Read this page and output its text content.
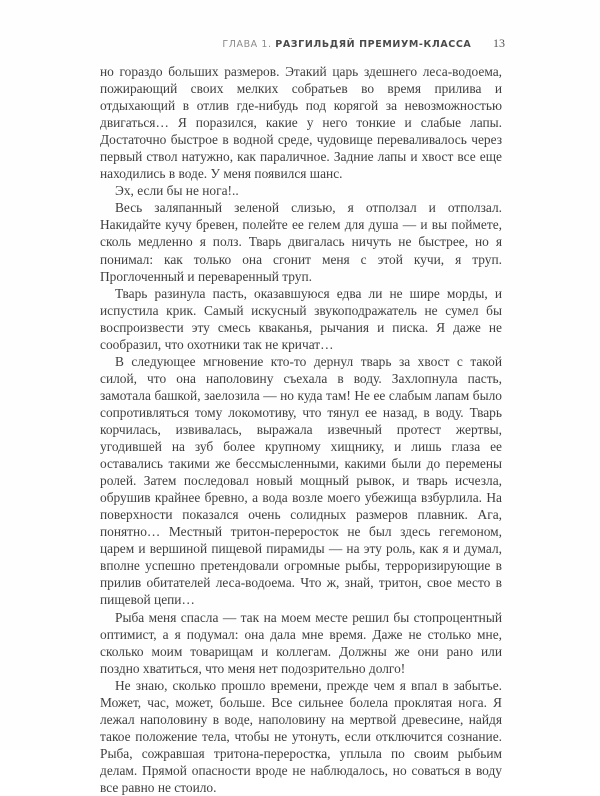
ГЛАВА 1. РАЗГИЛЬДЯЙ ПРЕМИУМ-КЛАССА 13

но гораздо больших размеров. Этакий царь здешнего леса-водоема, пожирающий своих мелких собратьев во время прилива и отдыхающий в отлив где-нибудь под корягой за невозможностью двигаться… Я поразился, какие у него тонкие и слабые лапы. Достаточно быстрое в водной среде, чудовище переваливалось через первый ствол натужно, как параличное. Задние лапы и хвост все еще находились в воде. У меня появился шанс.

Эх, если бы не нога!..

Весь заляпанный зеленой слизью, я отползал и отползал. Накидайте кучу бревен, полейте ее гелем для душа — и вы поймете, сколь медленно я полз. Тварь двигалась ничуть не быстрее, но я понимал: как только она сгонит меня с этой кучи, я труп. Проглоченный и переваренный труп.

Тварь разинула пасть, оказавшуюся едва ли не шире морды, и испустила крик. Самый искусный звукоподражатель не сумел бы воспроизвести эту смесь кваканья, рычания и писка. Я даже не сообразил, что охотники так не кричат…

В следующее мгновение кто-то дернул тварь за хвост с такой силой, что она наполовину съехала в воду. Захлопнула пасть, замотала башкой, заелозила — но куда там! Не ее слабым лапам было сопротивляться тому локомотиву, что тянул ее назад, в воду. Тварь корчилась, извивалась, выражала извечный протест жертвы, угодившей на зуб более крупному хищнику, и лишь глаза ее оставались такими же бессмысленными, какими были до перемены ролей. Затем последовал новый мощный рывок, и тварь исчезла, обрушив крайнее бревно, а вода возле моего убежища взбурлила. На поверхности показался очень солидных размеров плавник. Ага, понятно… Местный тритон-переросток не был здесь гегемоном, царем и вершиной пищевой пирамиды — на эту роль, как я и думал, вполне успешно претендовали огромные рыбы, терроризирующие в прилив обитателей леса-водоема. Что ж, знай, тритон, свое место в пищевой цепи…

Рыба меня спасла — так на моем месте решил бы стопроцентный оптимист, а я подумал: она дала мне время. Даже не столько мне, сколько моим товарищам и коллегам. Должны же они рано или поздно хватиться, что меня нет подозрительно долго!

Не знаю, сколько прошло времени, прежде чем я впал в забытье. Может, час, может, больше. Все сильнее болела проклятая нога. Я лежал наполовину в воде, наполовину на мертвой древесине, найдя такое положение тела, чтобы не утонуть, если отключится сознание. Рыба, сожравшая тритона-переростка, уплыла по своим рыбьим делам. Прямой опасности вроде не наблюдалось, но соваться в воду все равно не стоило.
